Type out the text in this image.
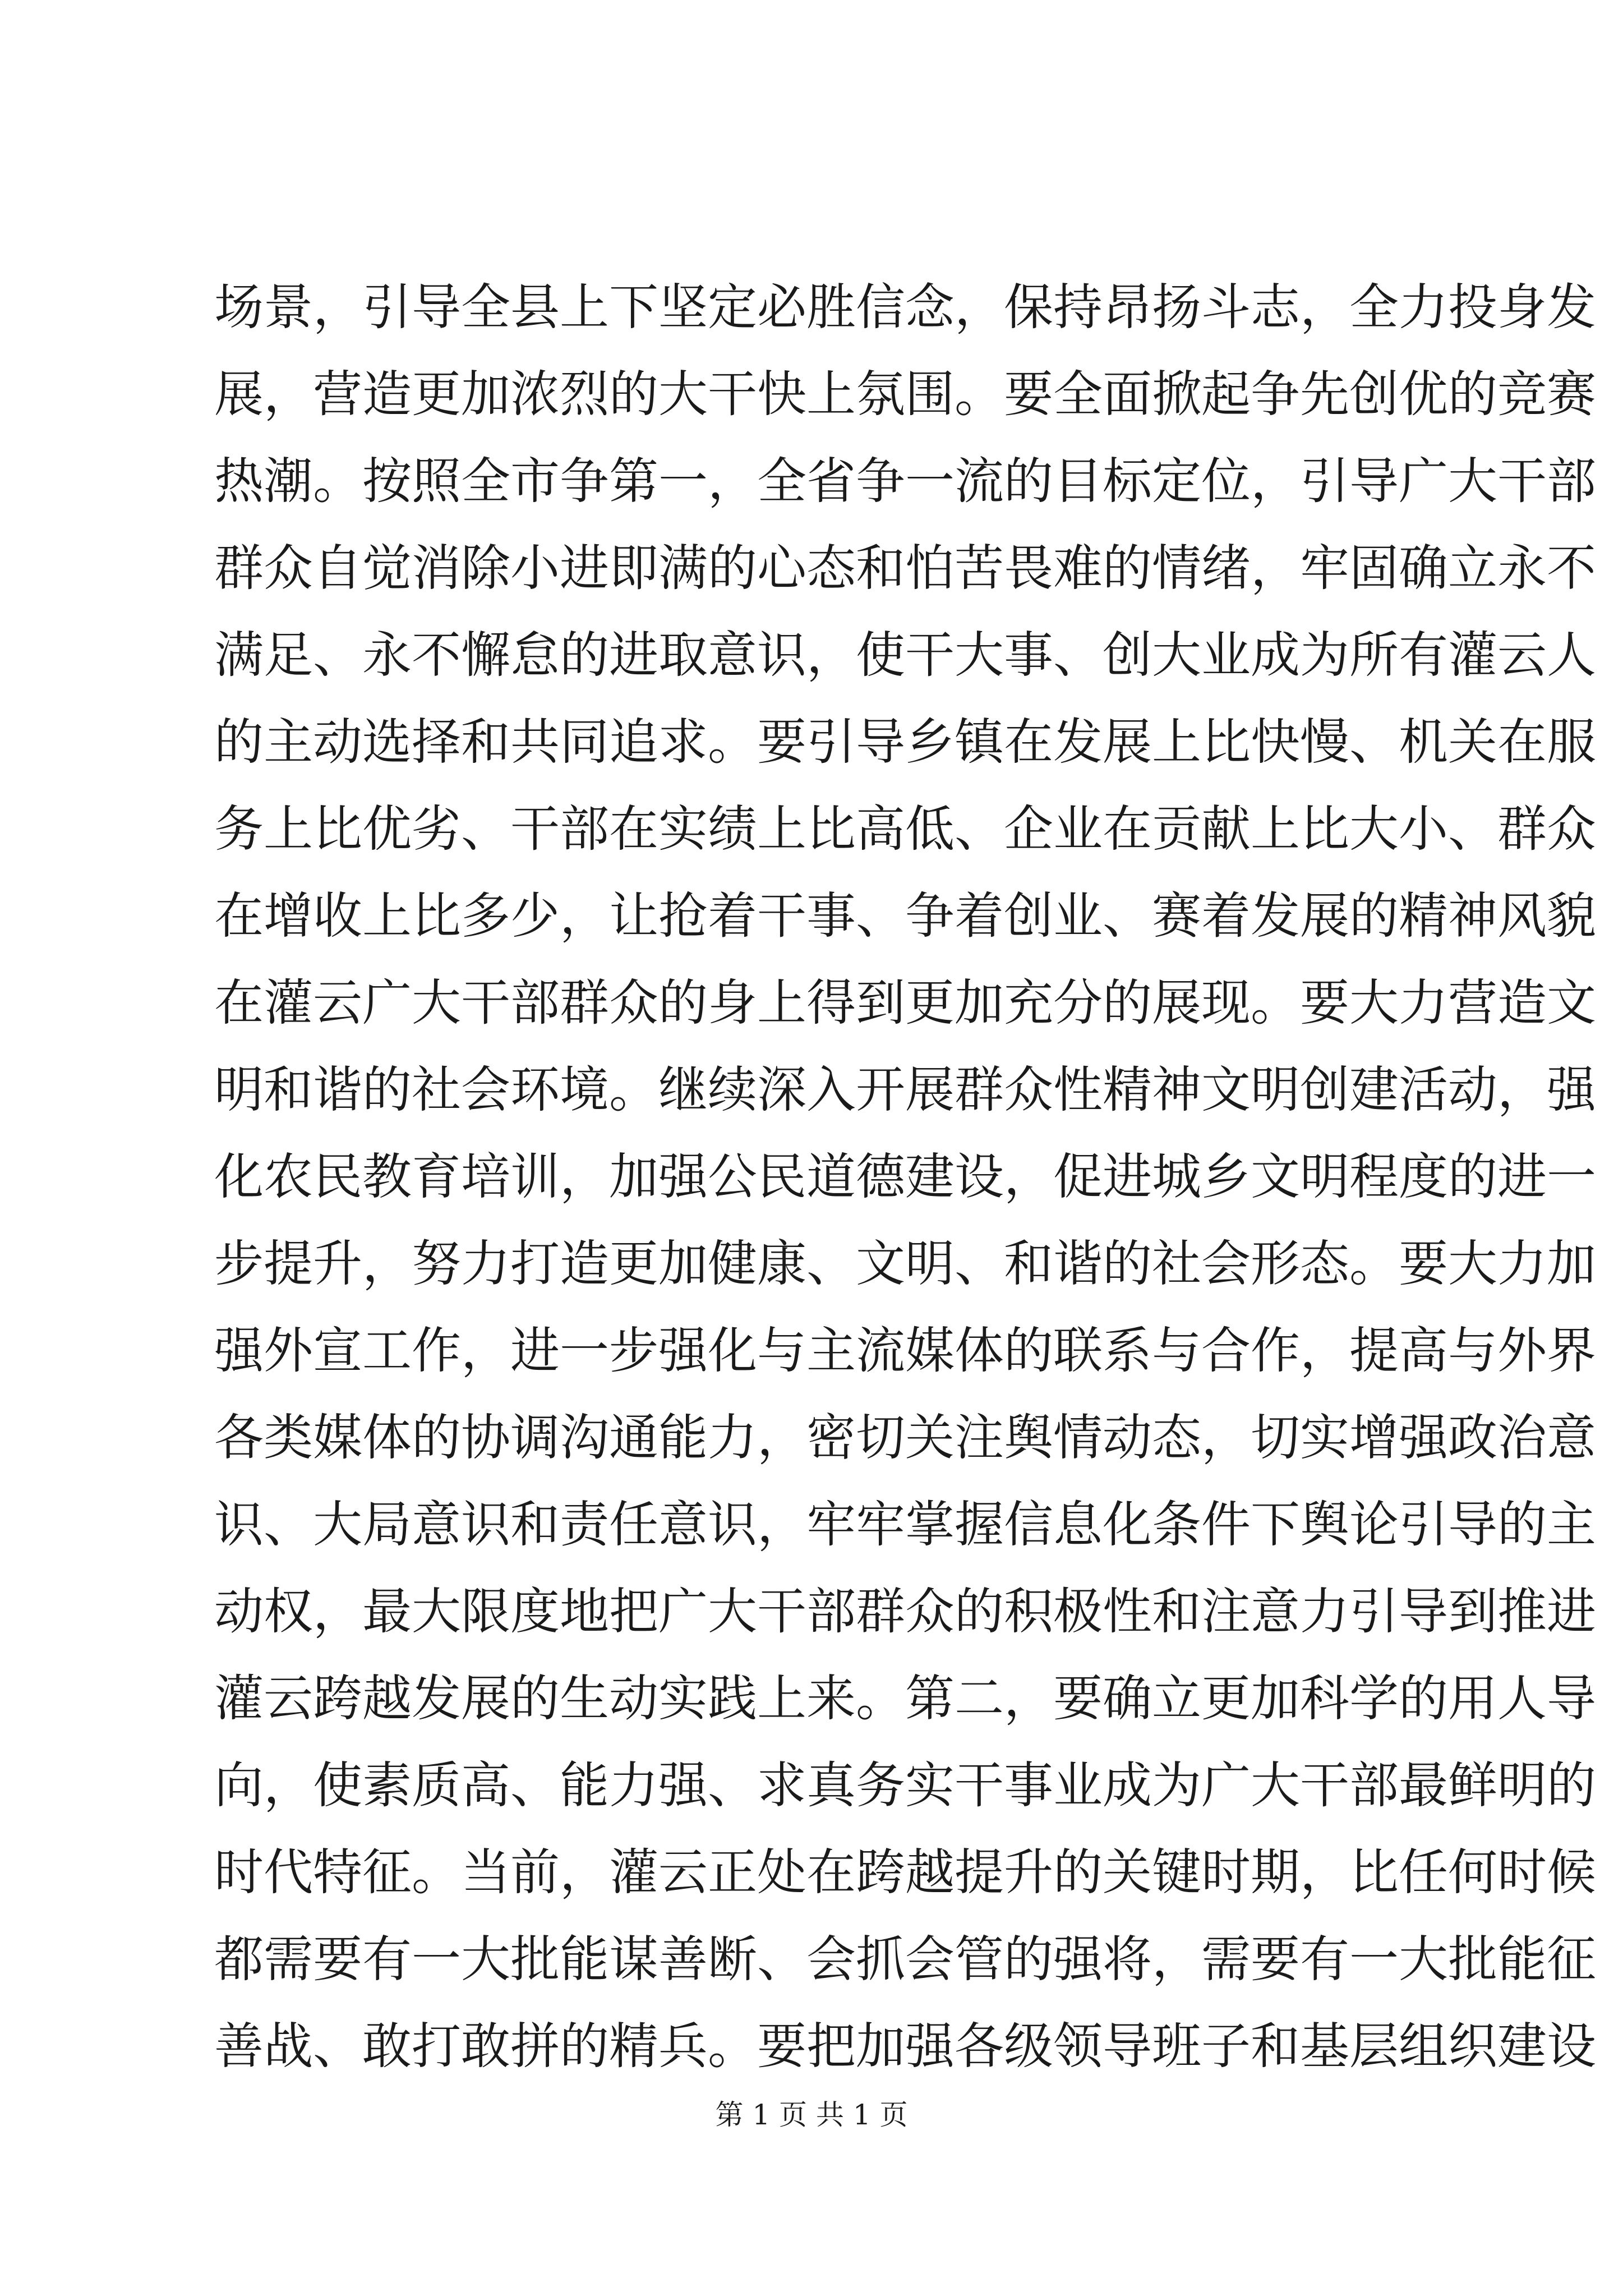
场景，引导全县上下坚定必胜信念，保持昂扬斗志，全力投身发
展，营造更加浓烈的大干快上氛围。要全面掀起争先创优的竞赛
热潮。按照全市争第一，全省争一流的目标定位，引导广大干部
群众自觉消除小进即满的心态和怕苦畏难的情绪，牢固确立永不
满足、永不懈怠的进取意识，使干大事、创大业成为所有灌云人
的主动选择和共同追求。要引导乡镇在发展上比快慢、机关在服
务上比优劣、干部在实绩上比高低、企业在贡献上比大小、群众
在增收上比多少，让抢着干事、争着创业、赛着发展的精神风貌
在灌云广大干部群众的身上得到更加充分的展现。要大力营造文
明和谐的社会环境。继续深入开展群众性精神文明创建活动，强
化农民教育培训，加强公民道德建设，促进城乡文明程度的进一
步提升，努力打造更加健康、文明、和谐的社会形态。要大力加
强外宣工作，进一步强化与主流媒体的联系与合作，提高与外界
各类媒体的协调沟通能力，密切关注舆情动态，切实增强政治意
识、大局意识和责任意识，牢牢掌握信息化条件下舆论引导的主
动权，最大限度地把广大干部群众的积极性和注意力引导到推进
灌云跨越发展的生动实践上来。第二，要确立更加科学的用人导
向，使素质高、能力强、求真务实干事业成为广大干部最鲜明的
时代特征。当前，灌云正处在跨越提升的关键时期，比任何时候
都需要有一大批能谋善断、会抓会管的强将，需要有一大批能征
善战、敢打敢拼的精兵。要把加强各级领导班子和基层组织建设
第 1 页 共 1 页
